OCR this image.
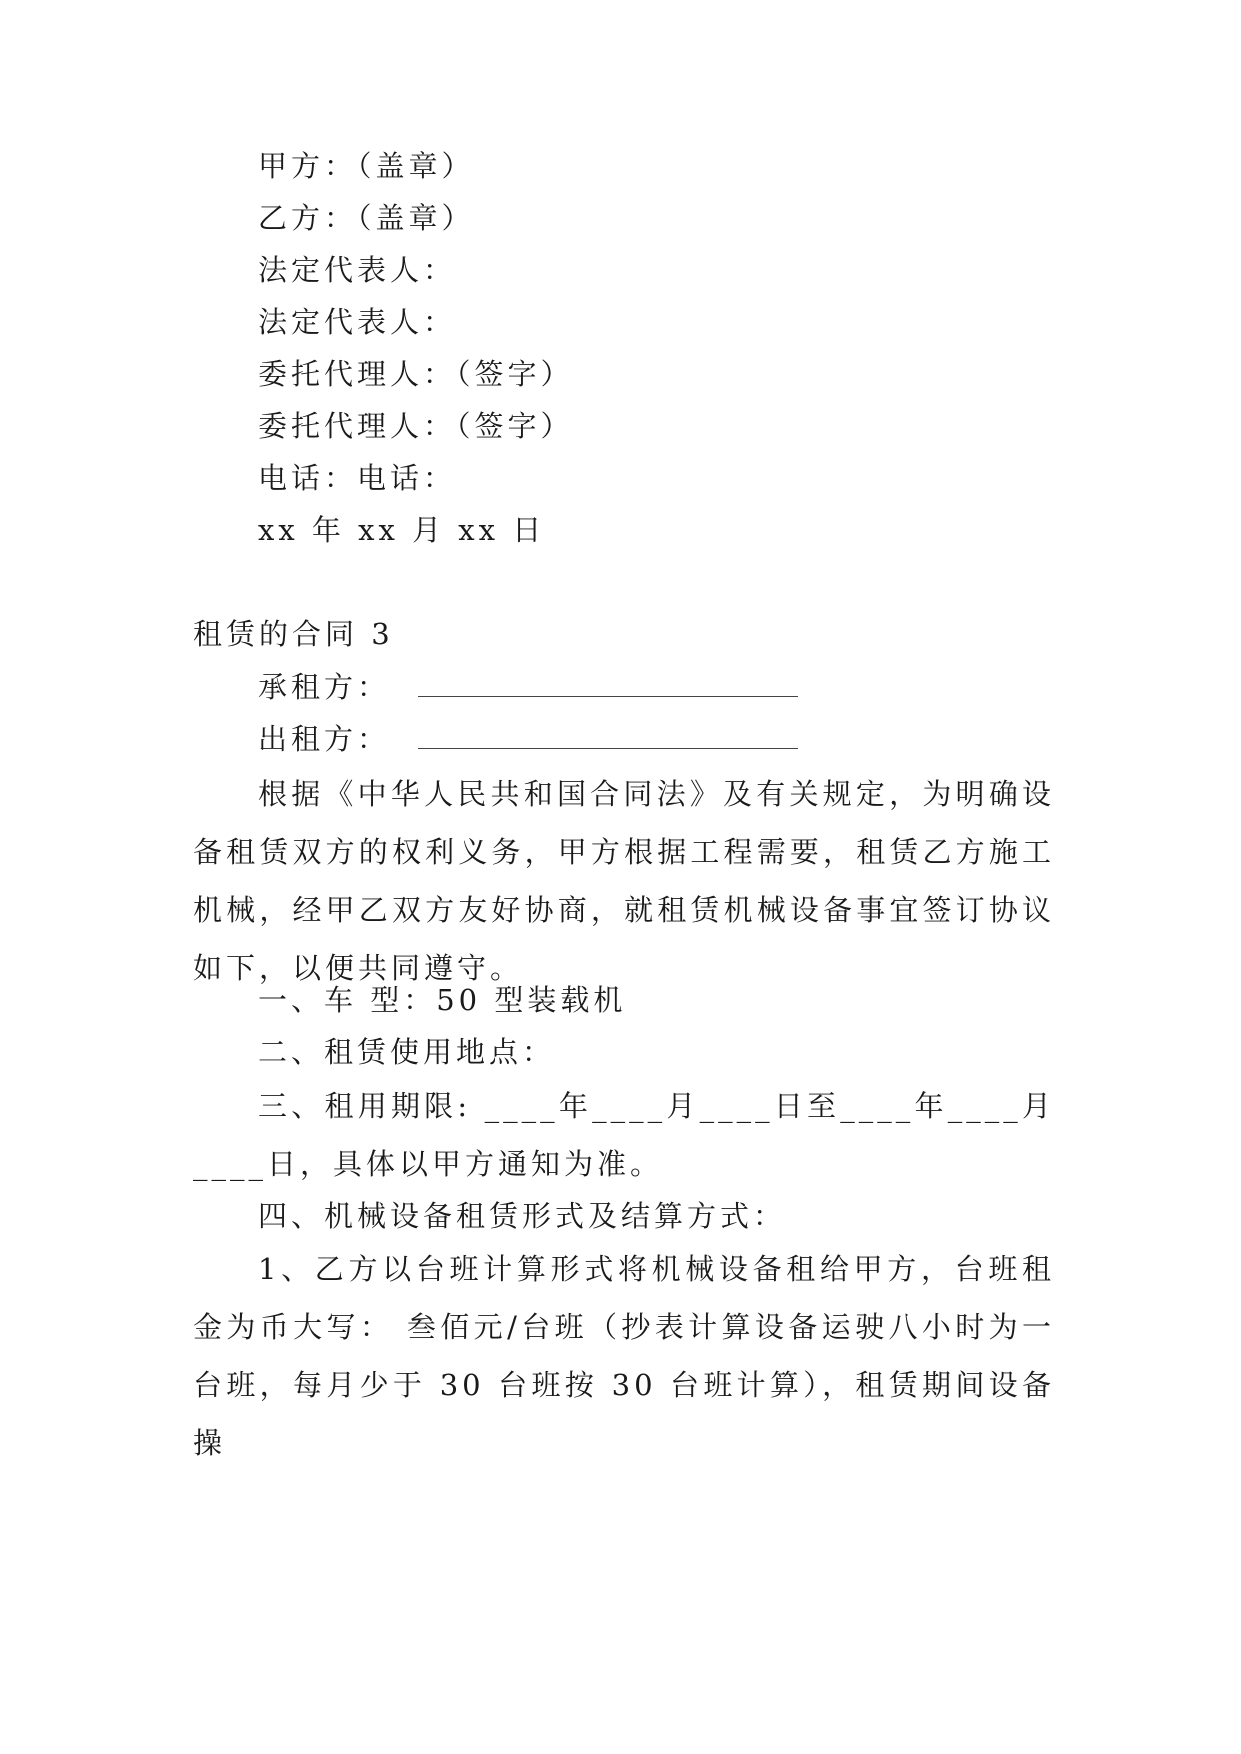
甲方：（盖章）
乙方：（盖章）
法定代表人：
法定代表人：
委托代理人：（签字）
委托代理人：（签字）
电话：电话：
xx 年 xx 月 xx 日
租赁的合同 3
承租方：
出租方：
根据《中华人民共和国合同法》及有关规定，为明确设备租赁双方的权利义务，甲方根据工程需要，租赁乙方施工机械，经甲乙双方友好协商，就租赁机械设备事宜签订协议如下，以便共同遵守。
一、车 型：50 型装载机
二、租赁使用地点：
三、租用期限: ____年____月____日至____年____月____日，具体以甲方通知为准。
四、机械设备租赁形式及结算方式：
1、乙方以台班计算形式将机械设备租给甲方，台班租金为币大写： 叁佰元/台班（抄表计算设备运驶八小时为一台班，每月少于 30 台班按 30 台班计算），租赁期间设备操
